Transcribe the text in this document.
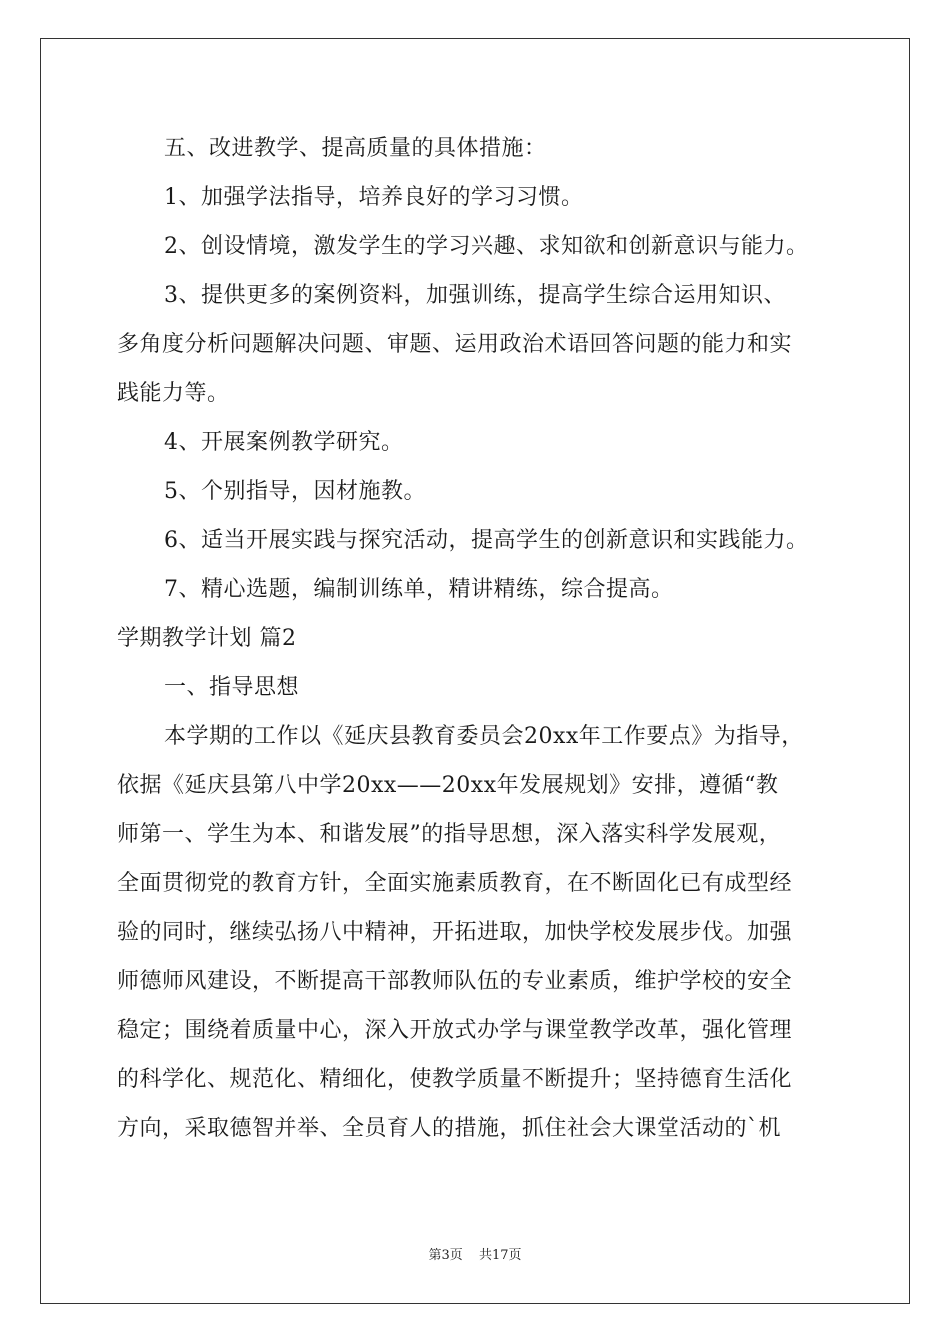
五、改进教学、提高质量的具体措施：
1、加强学法指导，培养良好的学习习惯。
2、创设情境，激发学生的学习兴趣、求知欲和创新意识与能力。
3、提供更多的案例资料，加强训练，提高学生综合运用知识、
多角度分析问题解决问题、审题、运用政治术语回答问题的能力和实
践能力等。
4、开展案例教学研究。
5、个别指导，因材施教。
6、适当开展实践与探究活动，提高学生的创新意识和实践能力。
7、精心选题，编制训练单，精讲精练，综合提高。
学期教学计划 篇2
一、指导思想
本学期的工作以《延庆县教育委员会20xx年工作要点》为指导，
依据《延庆县第八中学20xx——20xx年发展规划》安排，遵循“教
师第一、学生为本、和谐发展”的指导思想，深入落实科学发展观，
全面贯彻党的教育方针，全面实施素质教育，在不断固化已有成型经
验的同时，继续弘扬八中精神，开拓进取，加快学校发展步伐。加强
师德师风建设，不断提高干部教师队伍的专业素质，维护学校的安全
稳定；围绕着质量中心，深入开放式办学与课堂教学改革，强化管理
的科学化、规范化、精细化，使教学质量不断提升；坚持德育生活化
方向，采取德智并举、全员育人的措施，抓住社会大课堂活动的`机
第3页 共17页
